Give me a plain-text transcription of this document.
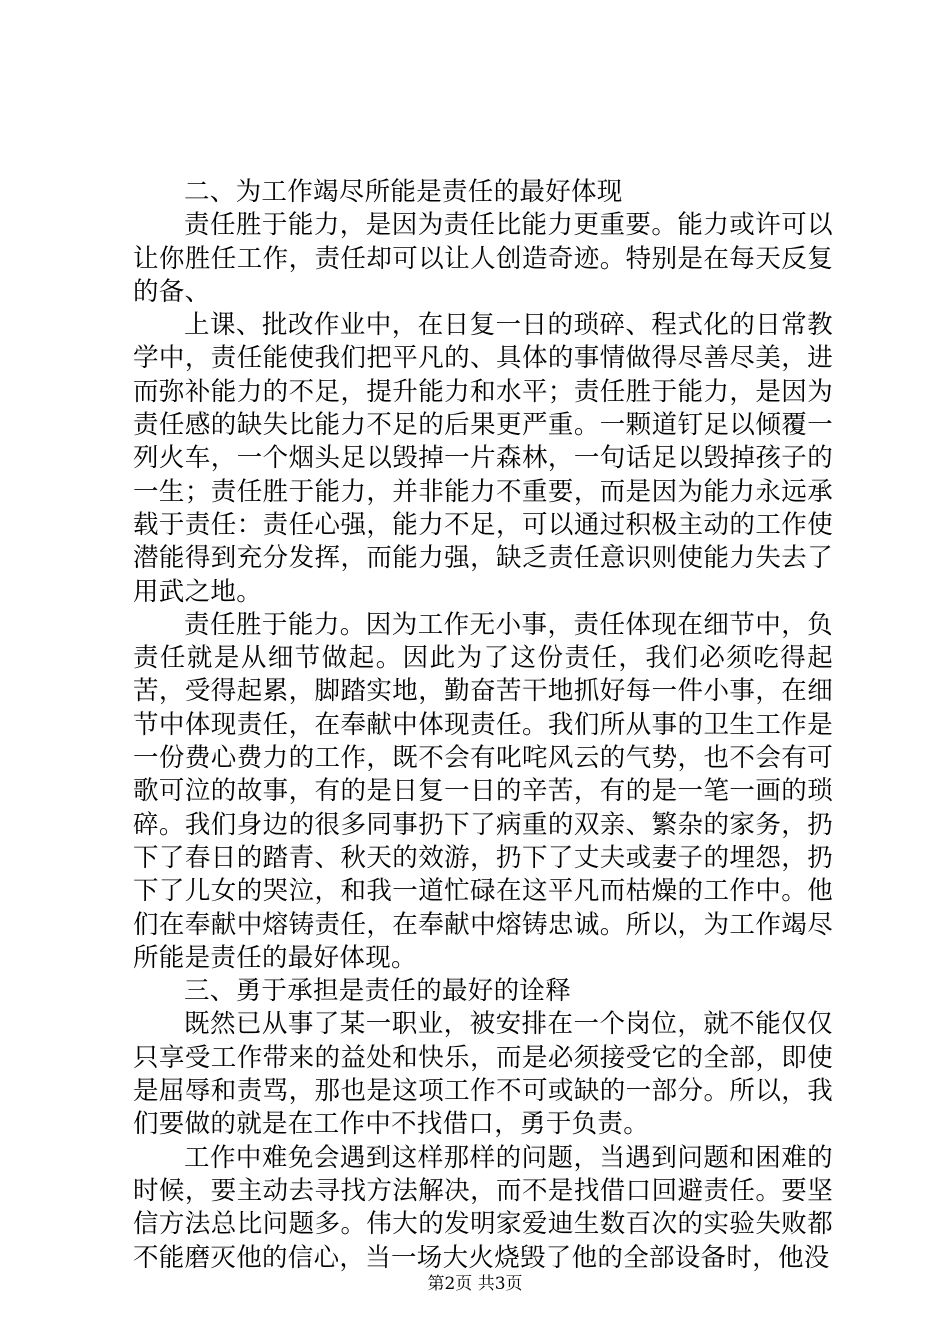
二、为工作竭尽所能是责任的最好体现

责任胜于能力，是因为责任比能力更重要。能力或许可以让你胜任工作，责任却可以让人创造奇迹。特别是在每天反复的备、

上课、批改作业中，在日复一日的琐碎、程式化的日常教学中，责任能使我们把平凡的、具体的事情做得尽善尽美，进而弥补能力的不足，提升能力和水平；责任胜于能力，是因为责任感的缺失比能力不足的后果更严重。一颗道钉足以倾覆一列火车，一个烟头足以毁掉一片森林，一句话足以毁掉孩子的一生；责任胜于能力，并非能力不重要，而是因为能力永远承载于责任：责任心强，能力不足，可以通过积极主动的工作使潜能得到充分发挥，而能力强，缺乏责任意识则使能力失去了用武之地。

责任胜于能力。因为工作无小事，责任体现在细节中，负责任就是从细节做起。因此为了这份责任，我们必须吃得起苦，受得起累，脚踏实地，勤奋苦干地抓好每一件小事，在细节中体现责任，在奉献中体现责任。我们所从事的卫生工作是一份费心费力的工作，既不会有叱咤风云的气势，也不会有可歌可泣的故事，有的是日复一日的辛苦，有的是一笔一画的琐碎。我们身边的很多同事扔下了病重的双亲、繁杂的家务，扔下了春日的踏青、秋天的效游，扔下了丈夫或妻子的埋怨，扔下了儿女的哭泣，和我一道忙碌在这平凡而枯燥的工作中。他们在奉献中熔铸责任，在奉献中熔铸忠诚。所以，为工作竭尽所能是责任的最好体现。

三、勇于承担是责任的最好的诠释

既然已从事了某一职业，被安排在一个岗位，就不能仅仅只享受工作带来的益处和快乐，而是必须接受它的全部，即使是屈辱和责骂，那也是这项工作不可或缺的一部分。所以，我们要做的就是在工作中不找借口，勇于负责。

工作中难免会遇到这样那样的问题，当遇到问题和困难的时候，要主动去寻找方法解决，而不是找借口回避责任。要坚信方法总比问题多。伟大的发明家爱迪生数百次的实验失败都不能磨灭他的信心，当一场大火烧毁了他的全部设备时，他没

第2页 共3页
